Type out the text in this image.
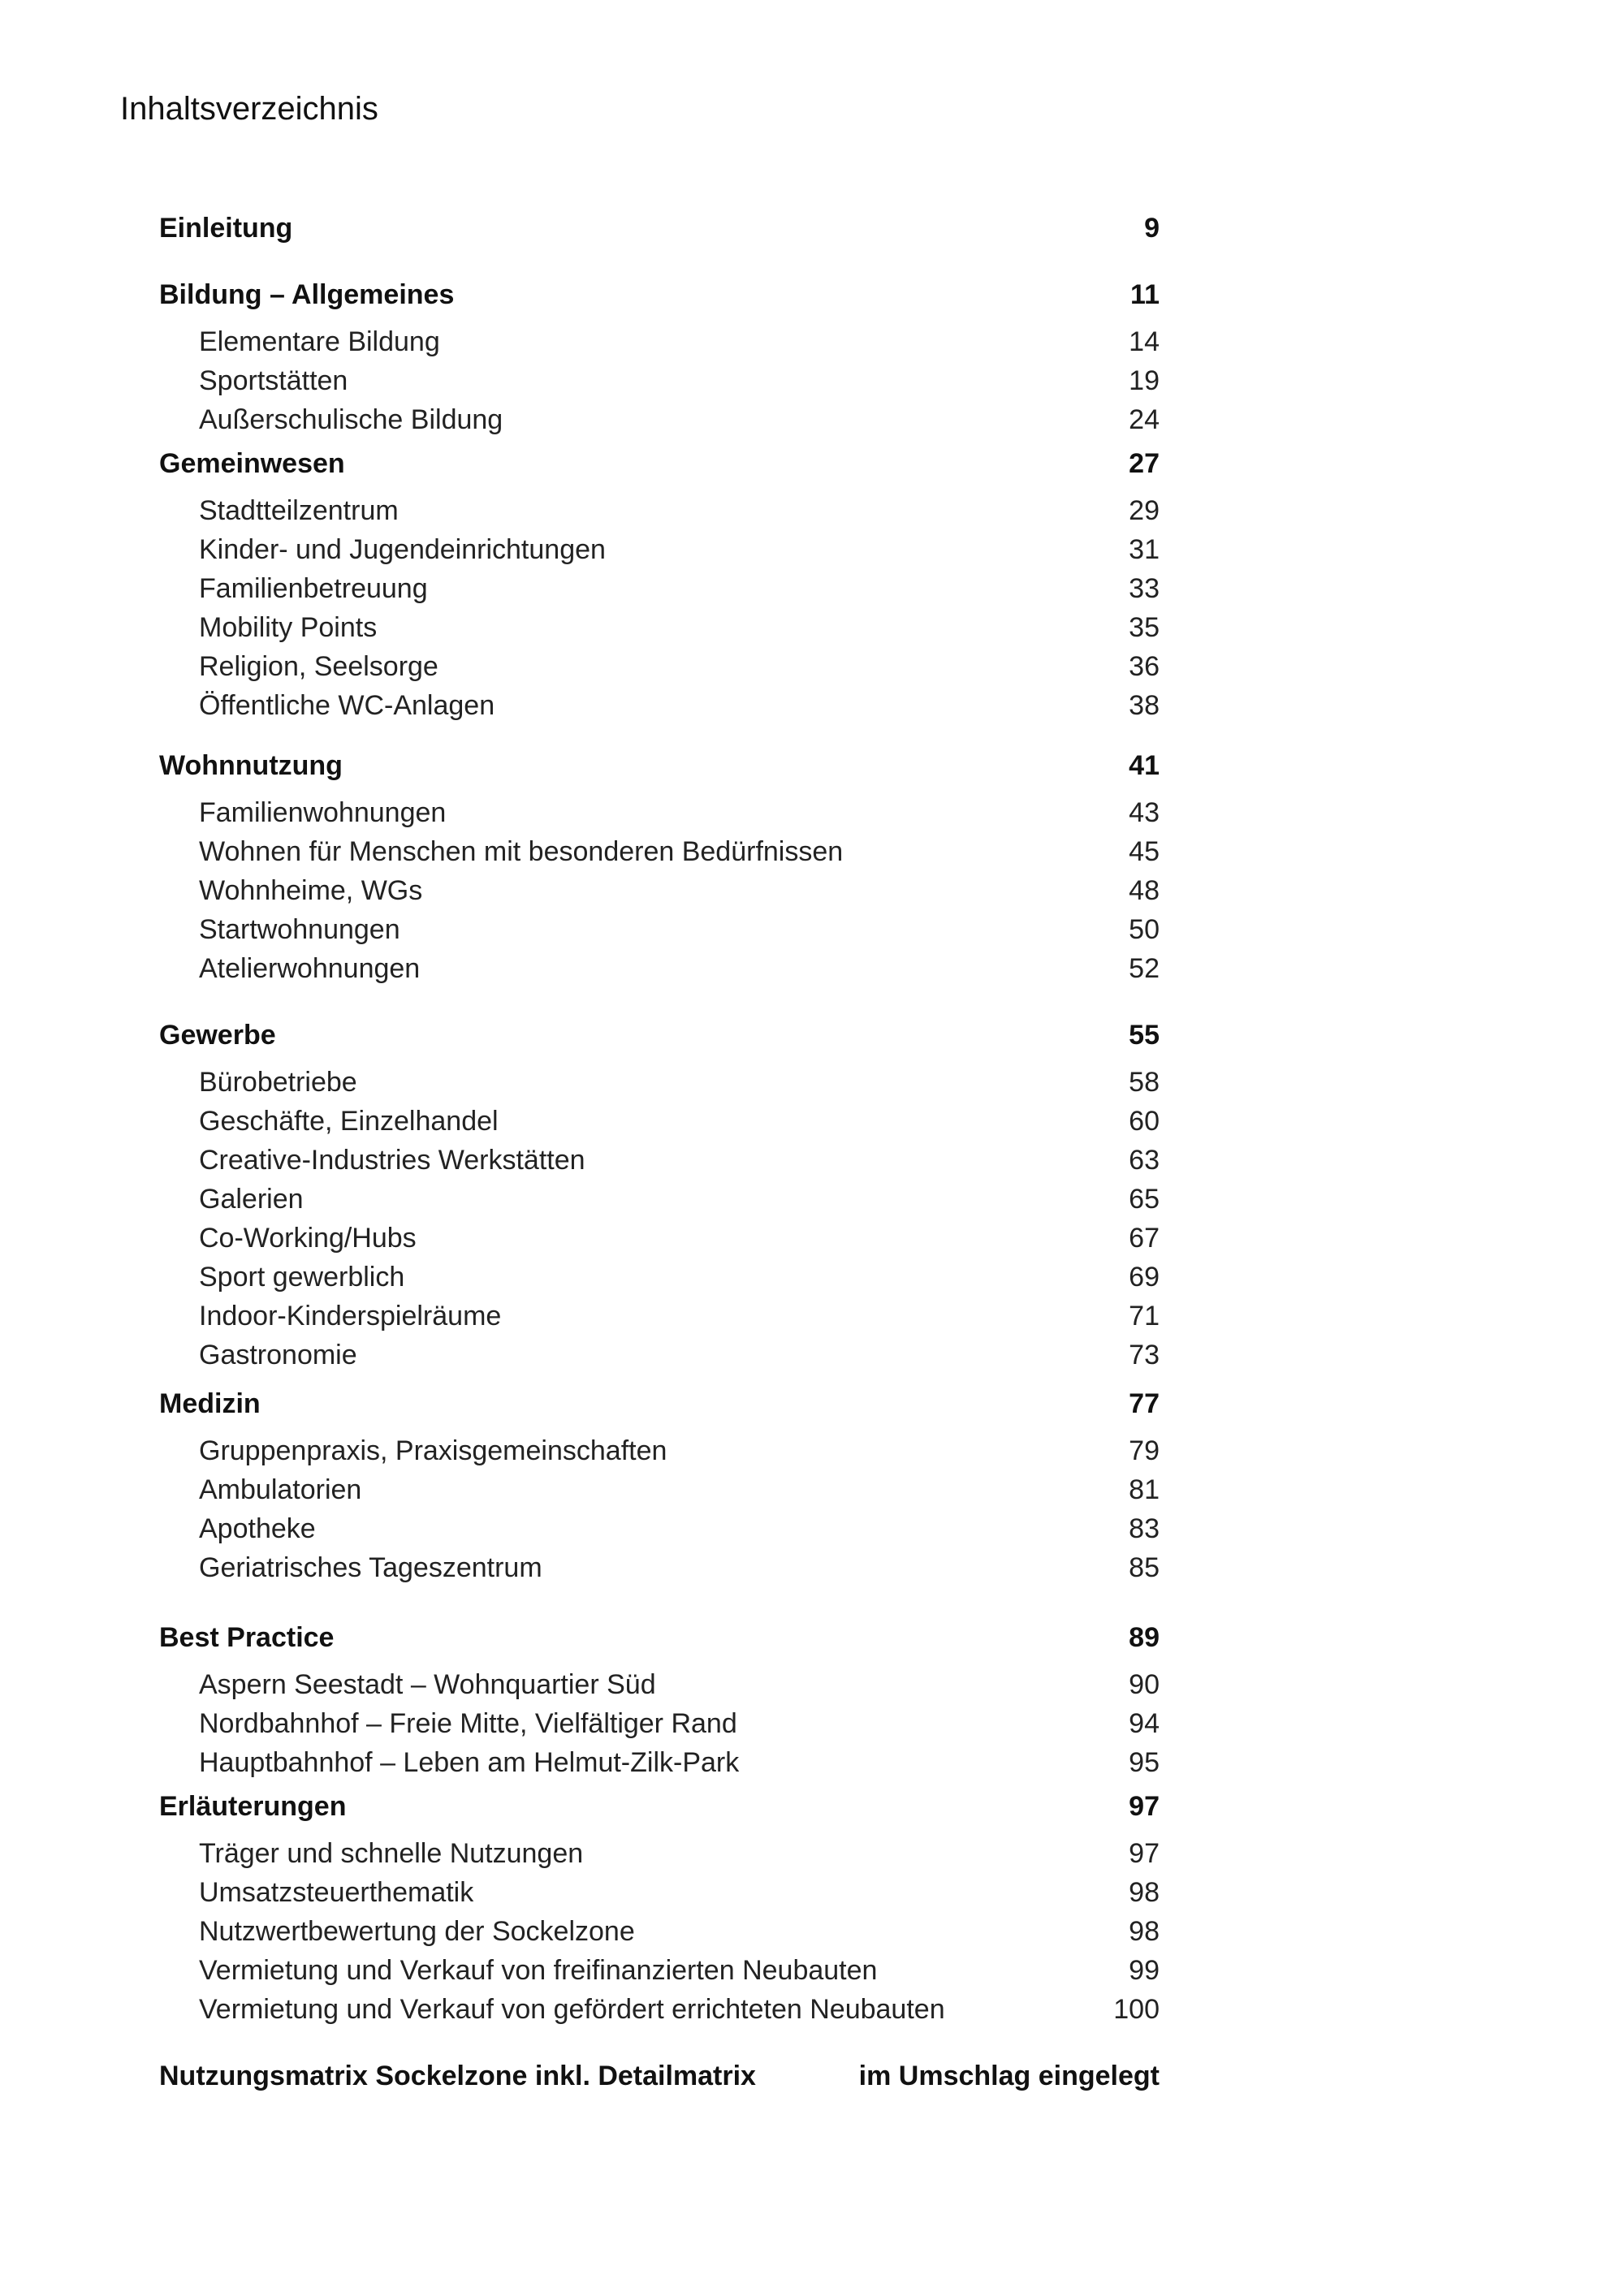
Inhaltsverzeichnis
Einleitung	9
Bildung – Allgemeines	11
Elementare Bildung	14
Sportstätten	19
Außerschulische Bildung	24
Gemeinwesen	27
Stadtteilzentrum	29
Kinder- und Jugendeinrichtungen	31
Familienbetreuung	33
Mobility Points	35
Religion, Seelsorge	36
Öffentliche WC-Anlagen	38
Wohnnutzung	41
Familienwohnungen	43
Wohnen für Menschen mit besonderen Bedürfnissen	45
Wohnheime, WGs	48
Startwohnungen	50
Atelierwohnungen	52
Gewerbe	55
Bürobetriebe	58
Geschäfte, Einzelhandel	60
Creative-Industries Werkstätten	63
Galerien	65
Co-Working/Hubs	67
Sport gewerblich	69
Indoor-Kinderspielräume	71
Gastronomie	73
Medizin	77
Gruppenpraxis, Praxisgemeinschaften	79
Ambulatorien	81
Apotheke	83
Geriatrisches Tageszentrum	85
Best Practice	89
Aspern Seestadt – Wohnquartier Süd	90
Nordbahnhof – Freie Mitte, Vielfältiger Rand	94
Hauptbahnhof – Leben am Helmut-Zilk-Park	95
Erläuterungen	97
Träger und schnelle Nutzungen	97
Umsatzsteuerthematik	98
Nutzwertbewertung der Sockelzone	98
Vermietung und Verkauf von freifinanzierten Neubauten	99
Vermietung und Verkauf von gefördert errichteten Neubauten	100
Nutzungsmatrix Sockelzone inkl. Detailmatrix	im Umschlag eingelegt
